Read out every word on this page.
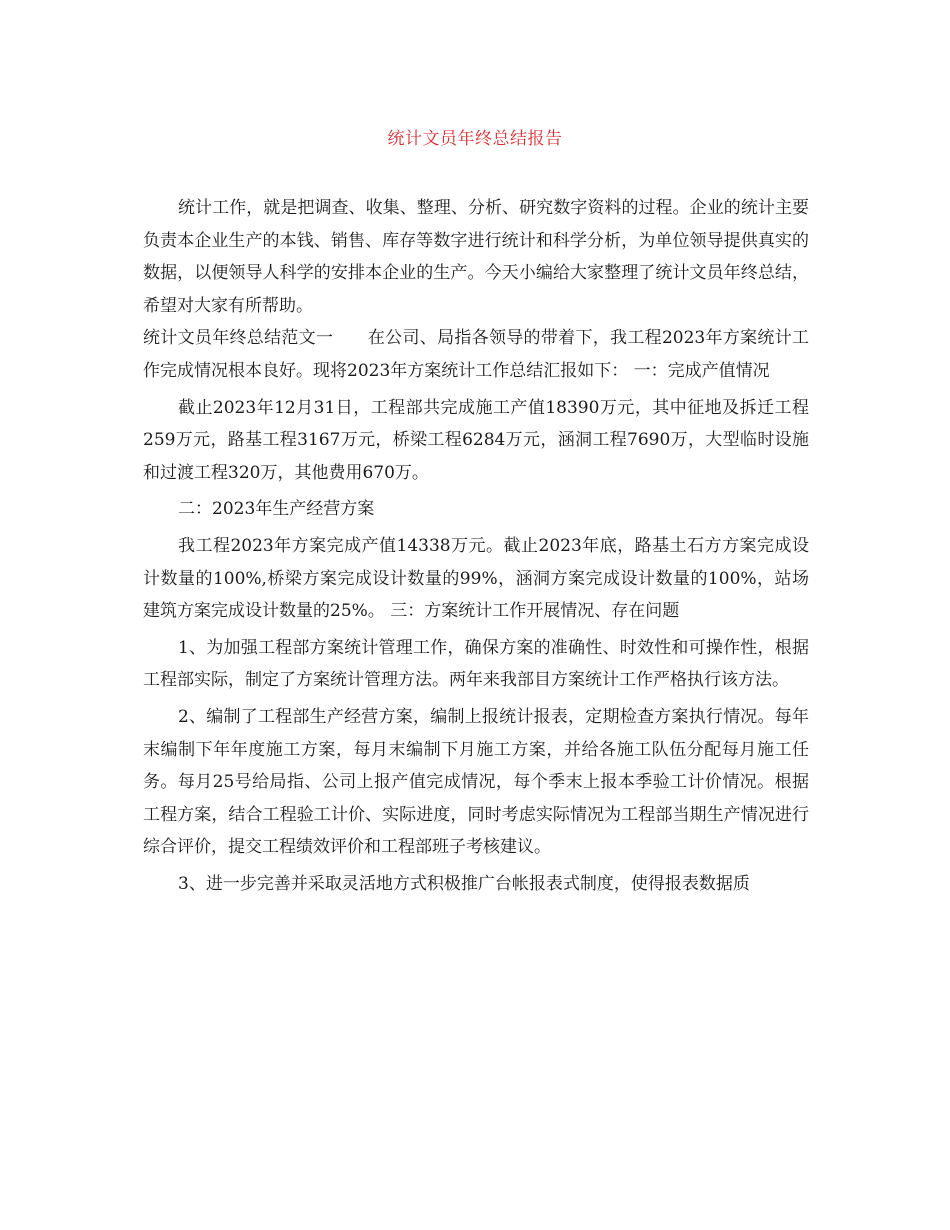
统计文员年终总结报告

统计工作，就是把调查、收集、整理、分析、研究数字资料的过程。企业的统计主要负责本企业生产的本钱、销售、库存等数字进行统计和科学分析，为单位领导提供真实的数据，以便领导人科学的安排本企业的生产。今天小编给大家整理了统计文员年终总结，希望对大家有所帮助。

统计文员年终总结范文一　　在公司、局指各领导的带着下，我工程2023年方案统计工作完成情况根本良好。现将2023年方案统计工作总结汇报如下： 一：完成产值情况

截止2023年12月31日，工程部共完成施工产值18390万元，其中征地及拆迁工程259万元，路基工程3167万元，桥梁工程6284万元，涵洞工程7690万，大型临时设施和过渡工程320万，其他费用670万。

二：2023年生产经营方案

我工程2023年方案完成产值14338万元。截止2023年底，路基土石方方案完成设计数量的100%,桥梁方案完成设计数量的99%，涵洞方案完成设计数量的100%，站场建筑方案完成设计数量的25%。 三：方案统计工作开展情况、存在问题

1、为加强工程部方案统计管理工作，确保方案的准确性、时效性和可操作性，根据工程部实际，制定了方案统计管理方法。两年来我部目方案统计工作严格执行该方法。

2、编制了工程部生产经营方案，编制上报统计报表，定期检查方案执行情况。每年末编制下年年度施工方案，每月末编制下月施工方案，并给各施工队伍分配每月施工任务。每月25号给局指、公司上报产值完成情况，每个季末上报本季验工计价情况。根据工程方案，结合工程验工计价、实际进度，同时考虑实际情况为工程部当期生产情况进行综合评价，提交工程绩效评价和工程部班子考核建议。

3、进一步完善并采取灵活地方式积极推广台帐报表式制度，使得报表数据质
